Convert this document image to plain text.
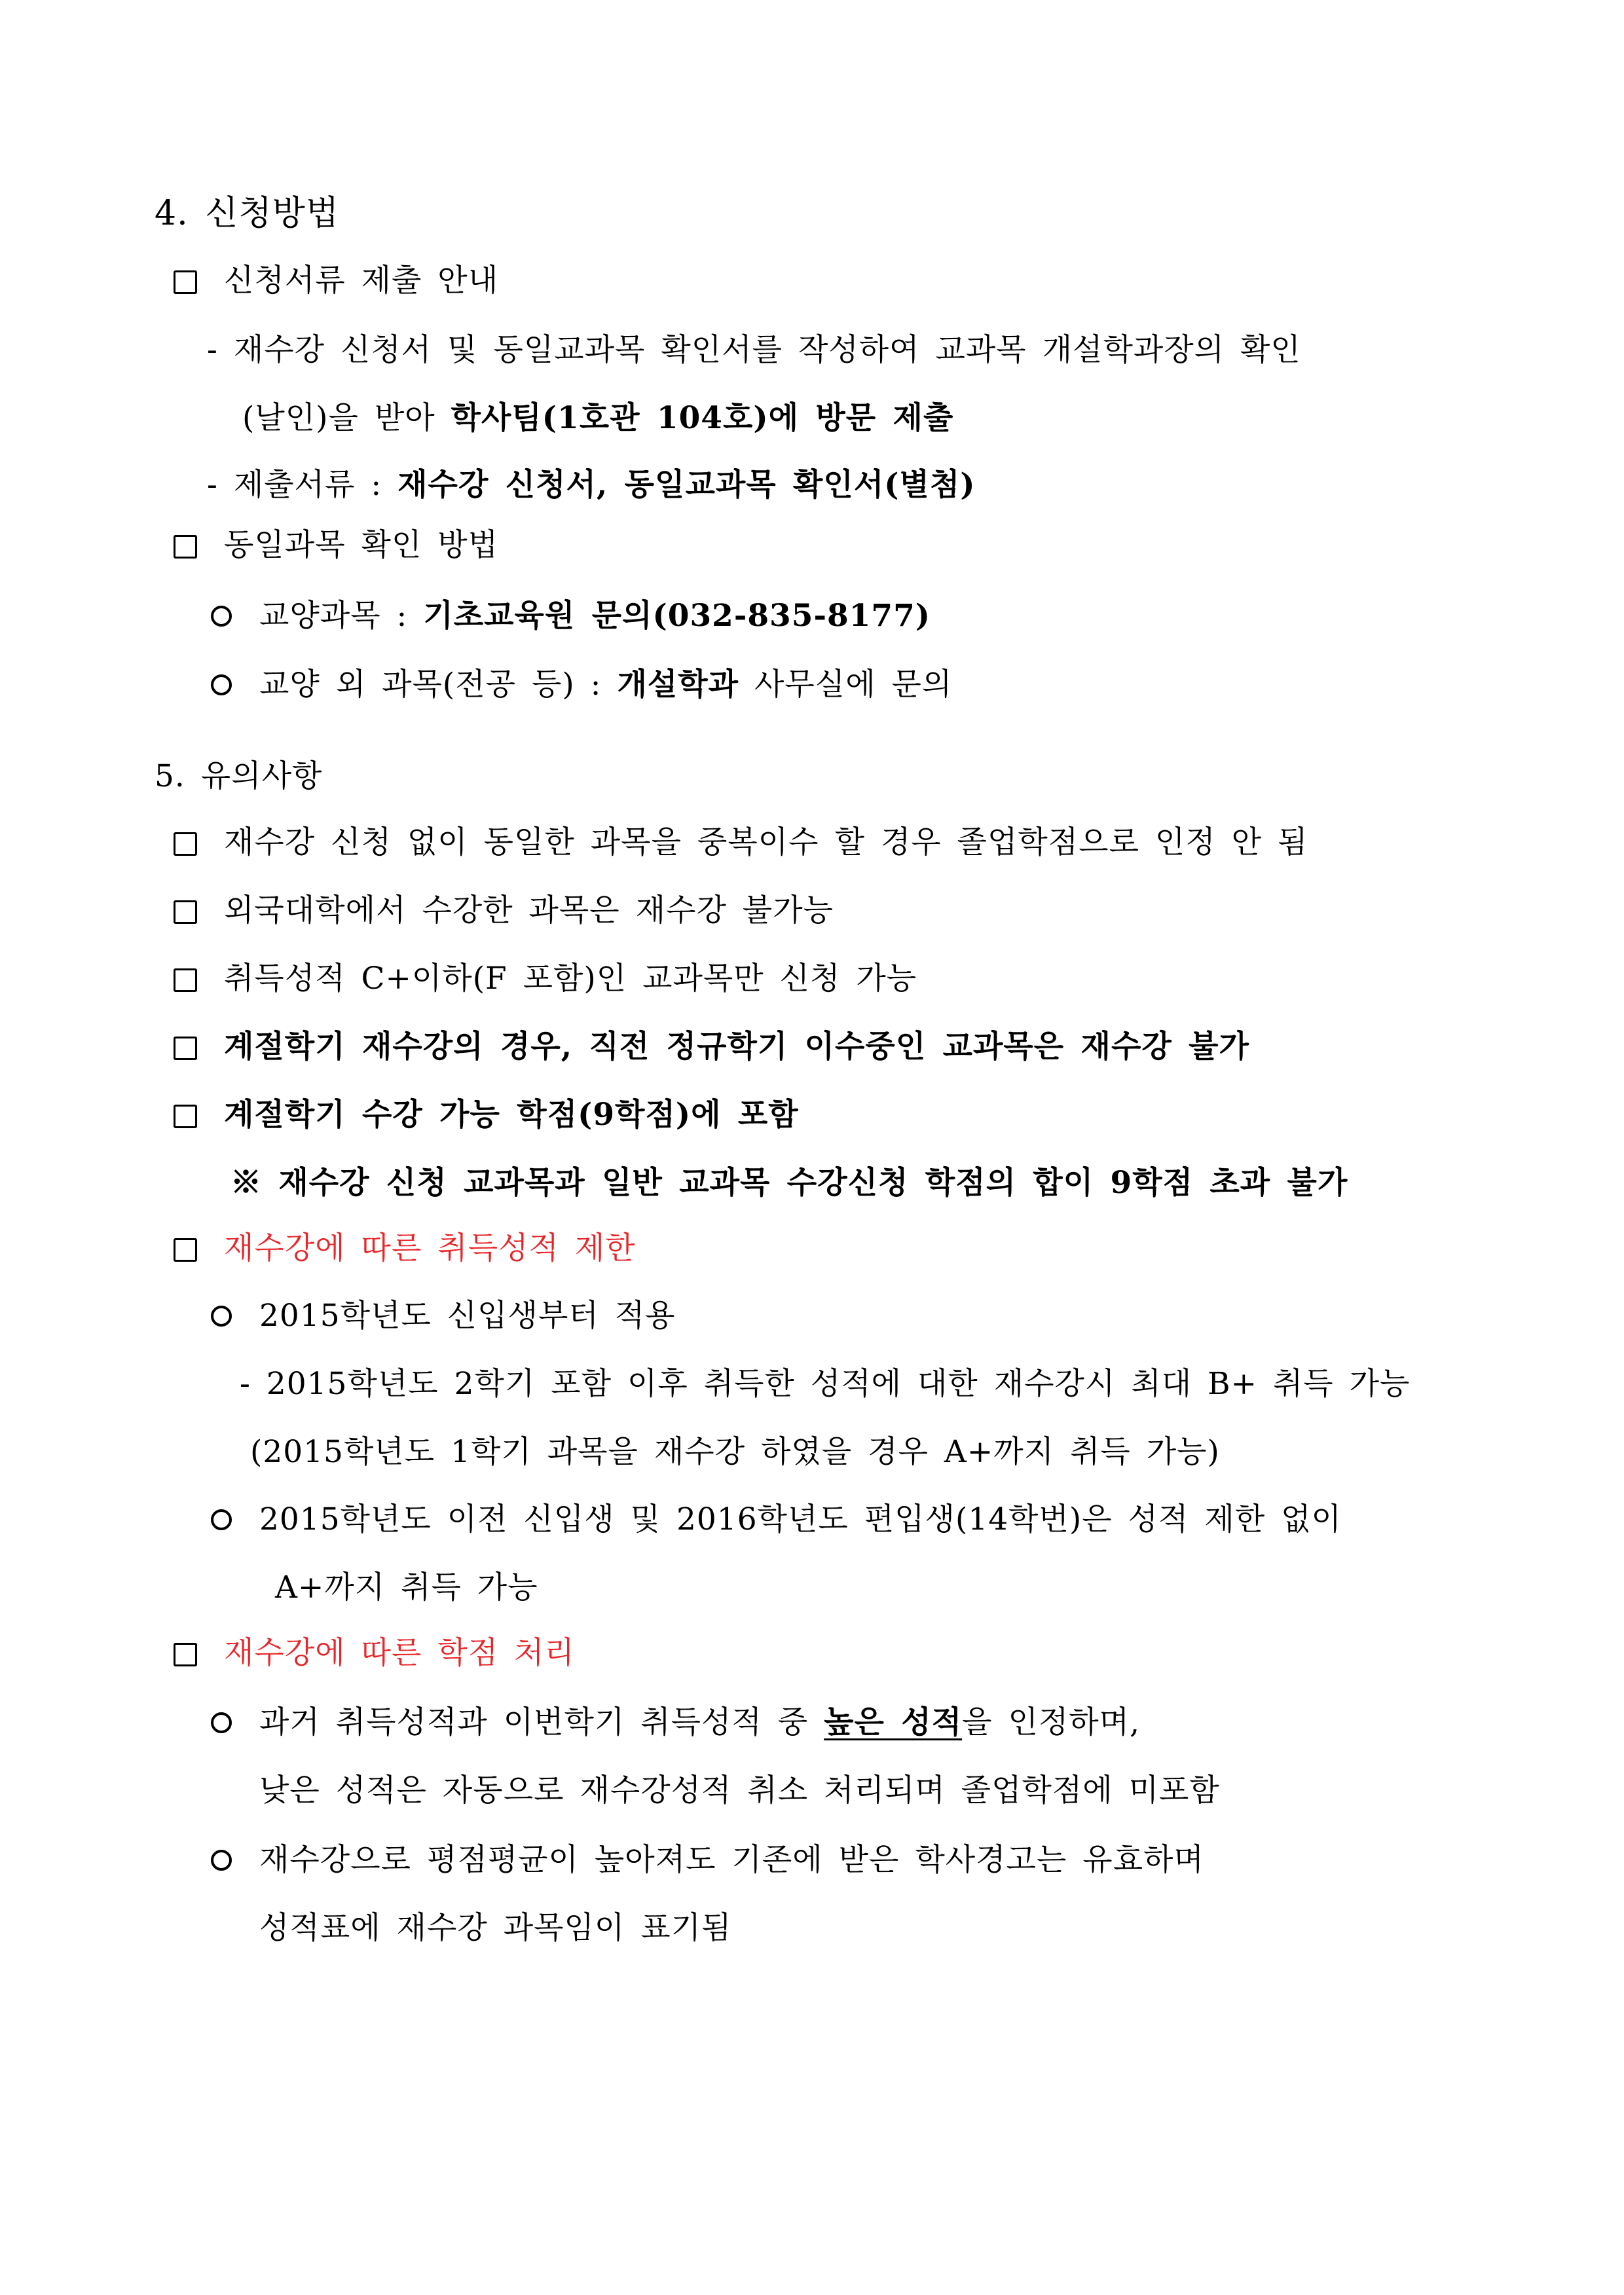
4. 신청방법
신청서류 제출 안내
- 재수강 신청서 및 동일교과목 확인서를 작성하여 교과목 개설학과장의 확인
(날인)을 받아 학사팀(1호관 104호)에 방문 제출
- 제출서류 : 재수강 신청서, 동일교과목 확인서(별첨)
동일과목 확인 방법
교양과목 : 기초교육원 문의(032-835-8177)
교양 외 과목(전공 등) : 개설학과 사무실에 문의
5. 유의사항
재수강 신청 없이 동일한 과목을 중복이수 할 경우 졸업학점으로 인정 안 됨
외국대학에서 수강한 과목은 재수강 불가능
취득성적 C+이하(F 포함)인 교과목만 신청 가능
계절학기 재수강의 경우, 직전 정규학기 이수중인 교과목은 재수강 불가
계절학기 수강 가능 학점(9학점)에 포함
※ 재수강 신청 교과목과 일반 교과목 수강신청 학점의 합이 9학점 초과 불가
재수강에 따른 취득성적 제한
2015학년도 신입생부터 적용
- 2015학년도 2학기 포함 이후 취득한 성적에 대한 재수강시 최대 B+ 취득 가능
(2015학년도 1학기 과목을 재수강 하였을 경우 A+까지 취득 가능)
2015학년도 이전 신입생 및 2016학년도 편입생(14학번)은 성적 제한 없이
A+까지 취득 가능
재수강에 따른 학점 처리
과거 취득성적과 이번학기 취득성적 중 높은 성적을 인정하며,
낮은 성적은 자동으로 재수강성적 취소 처리되며 졸업학점에 미포함
재수강으로 평점평균이 높아져도 기존에 받은 학사경고는 유효하며
성적표에 재수강 과목임이 표기됨
